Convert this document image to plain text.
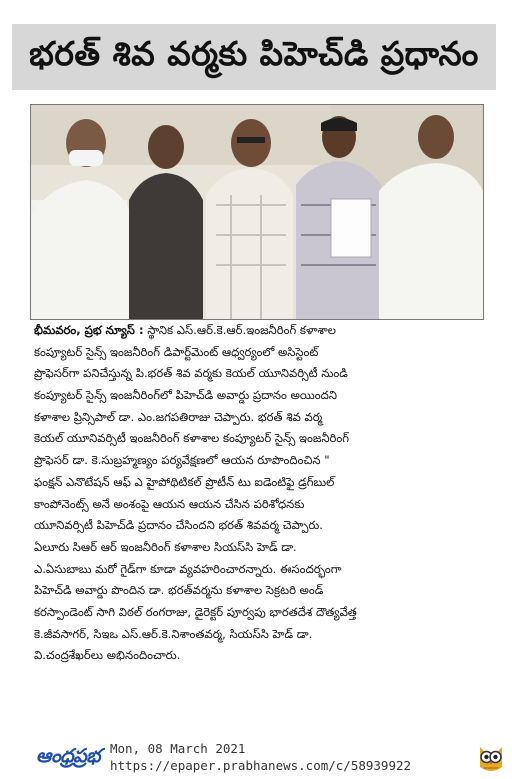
భరత్ శివ వర్మకు పిహెచ్‌డి ప్రధానం
భీమవరం, ప్రభ న్యూస్ : స్థానిక ఎస్.ఆర్.కె.ఆర్.ఇంజనీరింగ్ కళాశాల
కంప్యూటర్ సైన్స్ ఇంజనీరింగ్ డిపార్ట్‌మెంట్ ఆధ్వర్యంలో అసిస్టెంట్
ప్రొఫెసర్‌గా పనిచేస్తున్న పి.భరత్ శివ వర్మకు కెయల్ యూనివర్సిటీ నుండి
కంప్యూటర్ సైన్స్ ఇంజనీరింగ్‌లో పిహెచ్‌డి అవార్డు ప్రదానం అయిందని
కళాశాల ప్రిన్సిపాల్ డా. ఎం.జగపతిరాజు చెప్పారు. భరత్ శివ వర్మ
కెయల్ యూనివర్సిటీ ఇంజనీరింగ్ కళాశాల కంప్యూటర్ సైన్స్ ఇంజనీరింగ్
ప్రొఫెసర్ డా. కె.సుబ్రహ్మణ్యం పర్యవేక్షణలో ఆయన రూపొందించిన "
ఫంక్షన్ ఎనొటేషన్ ఆఫ్ ఎ హైపోథిటికల్ ప్రొటీన్ టు ఐడెంటిఫై డ్రగ్‌బుల్
కాంపోనెంట్స్ అనే అంశంపై ఆయన ఆయన చేసిన పరిశోధనకు
యూనివర్సిటీ పిహెచ్‌డి ప్రదానం చేసిందని భరత్ శివవర్మ చెప్పారు.
ఏలూరు సిఆర్ ఆర్ ఇంజనీరింగ్ కళాశాల సియస్‌సి హెడ్ డా.
ఎ.ఏసుబాబు మరో గైడ్‌గా కూడా వ్యవహరించారన్నారు. ఈసందర్భంగా
పిహెచ్‌డి అవార్డు పొందిన డా. భరత్‌వర్మను కళాశాల సెక్రటరి అండ్
కరస్పాండెంట్ సాగి విఠల్ రంగరాజు, డైరెక్టర్ పూర్వపు భారతదేశ దౌత్యవేత్త
కె.జీవసాగర్, సిఇఒ ఎస్.ఆర్.కె.నిశాంతవర్మ, సియస్‌సి హెడ్ డా.
వి.చంద్రశేఖర్‌లు అభినందించారు.
ఆంధ్రప్రభ Mon, 08 March 2021
https://epaper.prabhanews.com/c/58939922
